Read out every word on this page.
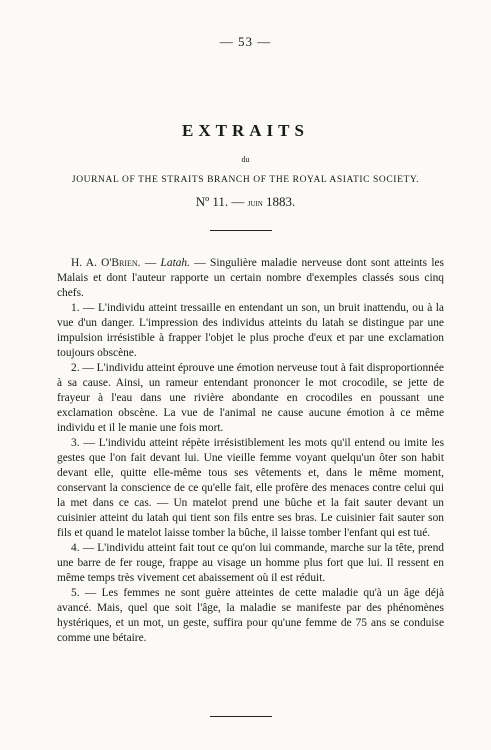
— 53 —
EXTRAITS
du
JOURNAL OF THE STRAITS BRANCH OF THE ROYAL ASIATIC SOCIETY.
Nº 11. — juin 1883.

H. A. O'Brien. — Latah. — Singulière maladie nerveuse dont sont atteints les Malais et dont l'auteur rapporte un certain nombre d'exemples classés sous cinq chefs.

1. — L'individu atteint tressaille en entendant un son, un bruit inattendu, ou à la vue d'un danger. L'impression des individus atteints du latah se distingue par une impulsion irrésistible à frapper l'objet le plus proche d'eux et par une exclamation toujours obscène.

2. — L'individu atteint éprouve une émotion nerveuse tout à fait disproportionnée à sa cause. Ainsi, un rameur entendant prononcer le mot crocodile, se jette de frayeur à l'eau dans une rivière abondante en crocodiles en poussant une exclamation obscène. La vue de l'animal ne cause aucune émotion à ce même individu et il le manie une fois mort.

3. — L'individu atteint répète irrésistiblement les mots qu'il entend ou imite les gestes que l'on fait devant lui. Une vieille femme voyant quelqu'un ôter son habit devant elle, quitte elle-même tous ses vêtements et, dans le même moment, conservant la conscience de ce qu'elle fait, elle profère des menaces contre celui qui la met dans ce cas. — Un matelot prend une bûche et la fait sauter devant un cuisinier atteint du latah qui tient son fils entre ses bras. Le cuisinier fait sauter son fils et quand le matelot laisse tomber la bûche, il laisse tomber l'enfant qui est tué.

4. — L'individu atteint fait tout ce qu'on lui commande, marche sur la tête, prend une barre de fer rouge, frappe au visage un homme plus fort que lui. Il ressent en même temps très vivement cet abaissement où il est réduit.

5. — Les femmes ne sont guère atteintes de cette maladie qu'à un âge déjà avancé. Mais, quel que soit l'âge, la maladie se manifeste par des phénomènes hystériques, et un mot, un geste, suffira pour qu'une femme de 75 ans se conduise comme une bétaire.
